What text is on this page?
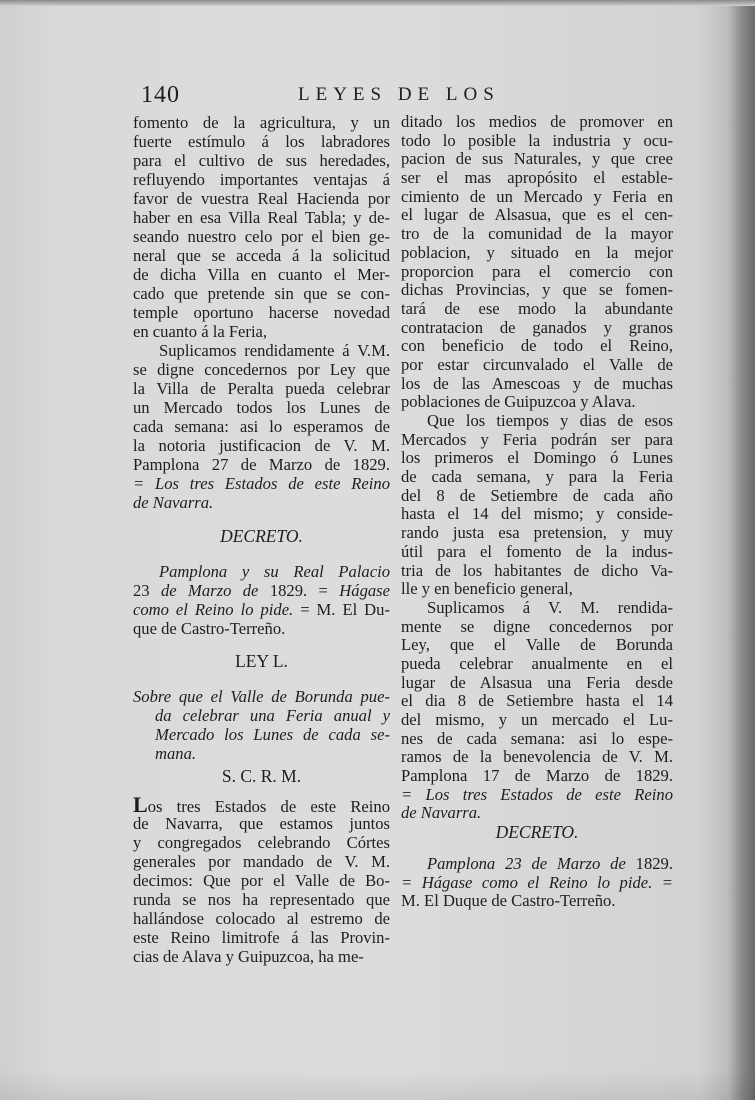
140	LEYES DE LOS
fomento de la agricultura, y un
fuerte estímulo á los labradores
para el cultivo de sus heredades,
refluyendo importantes ventajas á
favor de vuestra Real Hacienda por
haber en esa Villa Real Tabla; y de-
seando nuestro celo por el bien ge-
neral que se acceda á la solicitud
de dicha Villa en cuanto el Mer-
cado que pretende sin que se con-
temple oportuno hacerse novedad
en cuanto á la Feria,
Suplicamos rendidamente á V.M.
se digne concedernos por Ley que
la Villa de Peralta pueda celebrar
un Mercado todos los Lunes de
cada semana: asi lo esperamos de
la notoria justificacion de V. M.
Pamplona 27 de Marzo de 1829.
= Los tres Estados de este Reino
de Navarra.
DECRETO.
Pamplona y su Real Palacio
23 de Marzo de 1829. = Hágase
como el Reino lo pide. = M. El Du-
que de Castro-Terreño.
LEY L.
Sobre que el Valle de Borunda pue-
da celebrar una Feria anual y
Mercado los Lunes de cada se-
mana.
S. C. R. M.
Los tres Estados de este Reino
de Navarra, que estamos juntos
y congregados celebrando Córtes
generales por mandado de V. M.
decimos: Que por el Valle de Bo-
runda se nos ha representado que
hallándose colocado al estremo de
este Reino limitrofe á las Provin-
cias de Alava y Guipuzcoa, ha me-
ditado los medios de promover en
todo lo posible la industria y ocu-
pacion de sus Naturales, y que cree
ser el mas apropósito el estable-
cimiento de un Mercado y Feria en
el lugar de Alsasua, que es el cen-
tro de la comunidad de la mayor
poblacion, y situado en la mejor
proporcion para el comercio con
dichas Provincias, y que se fomen-
tará de ese modo la abundante
contratacion de ganados y granos
con beneficio de todo el Reino,
por estar circunvalado el Valle de
los de las Amescoas y de muchas
poblaciones de Guipuzcoa y Alava.
Que los tiempos y dias de esos
Mercados y Feria podrán ser para
los primeros el Domingo ó Lunes
de cada semana, y para la Feria
del 8 de Setiembre de cada año
hasta el 14 del mismo; y conside-
rando justa esa pretension, y muy
útil para el fomento de la indus-
tria de los habitantes de dicho Va-
lle y en beneficio general,
Suplicamos á V. M. rendida-
mente se digne concedernos por
Ley, que el Valle de Borunda
pueda celebrar anualmente en el
lugar de Alsasua una Feria desde
el dia 8 de Setiembre hasta el 14
del mismo, y un mercado el Lu-
nes de cada semana: asi lo espe-
ramos de la benevolencia de V. M.
Pamplona 17 de Marzo de 1829.
= Los tres Estados de este Reino
de Navarra.
DECRETO.
Pamplona 23 de Marzo de 1829.
= Hágase como el Reino lo pide. =
M. El Duque de Castro-Terreño.
